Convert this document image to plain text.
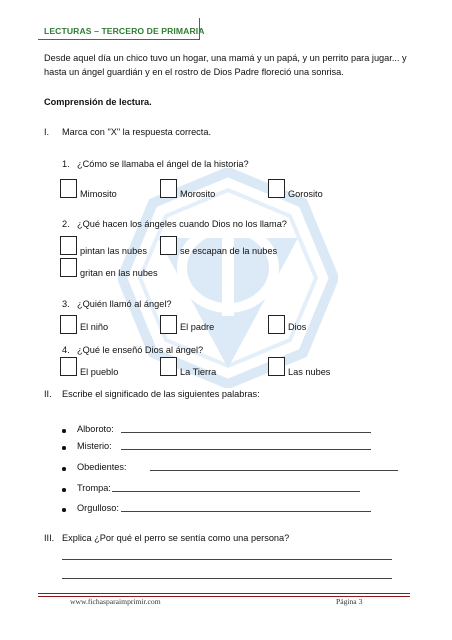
LECTURAS – TERCERO DE PRIMARIA
Desde aquel día un chico tuvo un hogar, una mamá y un papá, y un perrito para jugar... y
hasta un ángel guardián y en el rostro de Dios Padre floreció una sonrisa.
Comprensión de lectura.
I. Marca con "X" la respuesta correcta.
1. ¿Cómo se llamaba el ángel de la historia?
Mimosito	Morosito	Gorosito
2. ¿Qué hacen los ángeles cuando Dios no los llama?
pintan las nubes	se escapan de la nubes
gritan en las nubes
3. ¿Quién llamó al ángel?
El niño	El padre	Dios
4. ¿Qué le enseñó Dios al ángel?
El pueblo	La Tierra	Las nubes
II. Escribe el significado de las siguientes palabras:
Alboroto:
Misterio:
Obedientes:
Trompa:
Orgulloso:
III. Explica ¿Por qué el perro se sentía como una persona?
www.fichasparaimprimir.com	Página 3
